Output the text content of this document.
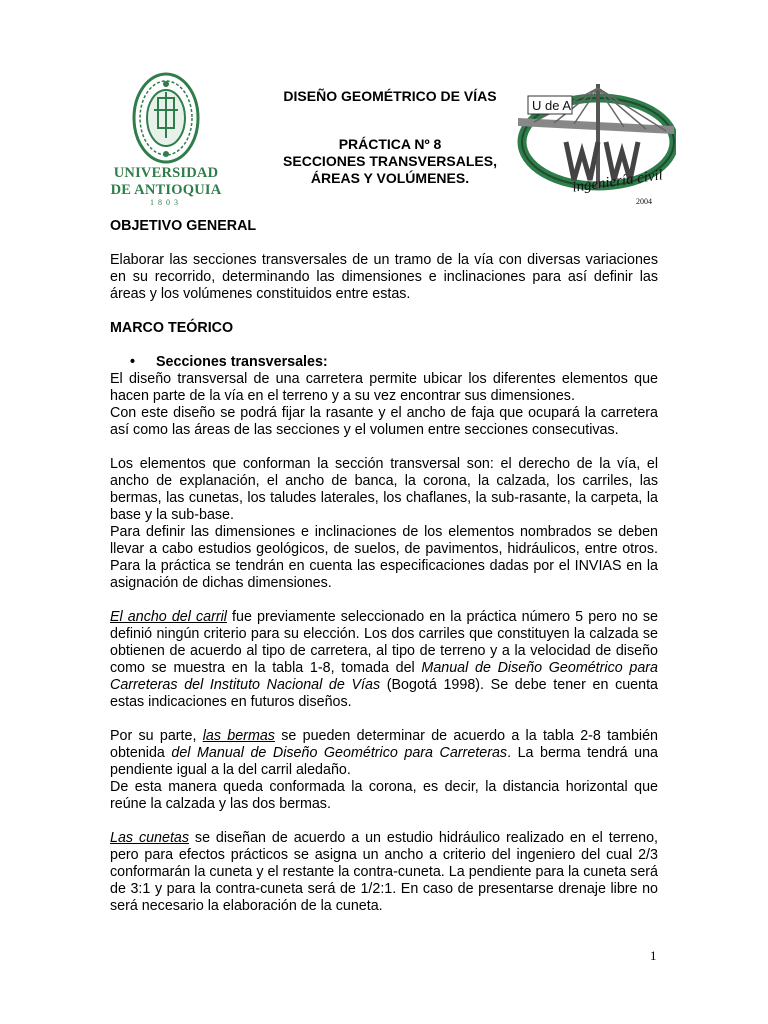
UNIVERSIDAD
DE ANTIOQUIA
1803
DISEÑO GEOMÉTRICO DE VÍAS
PRÁCTICA Nº 8
SECCIONES TRANSVERSALES,
ÁREAS Y VOLÚMENES.
U de A
ingeniería civil
2004

OBJETIVO GENERAL

Elaborar las secciones transversales de un tramo de la vía con diversas variaciones en su recorrido, determinando las dimensiones e inclinaciones para así definir las áreas y los volúmenes constituidos entre estas.

MARCO TEÓRICO

• Secciones transversales:

El diseño transversal de una carretera permite ubicar los diferentes elementos que hacen parte de la vía en el terreno y a su vez encontrar sus dimensiones.

Con este diseño se podrá fijar la rasante y el ancho de faja que ocupará la carretera así como las áreas de las secciones y el volumen entre secciones consecutivas.

Los elementos que conforman la sección transversal son: el derecho de la vía, el ancho de explanación, el ancho de banca, la corona, la calzada, los carriles, las bermas, las cunetas, los taludes laterales, los chaflanes, la sub-rasante, la carpeta, la base y la sub-base.

Para definir las dimensiones e inclinaciones de los elementos nombrados se deben llevar a cabo estudios geológicos, de suelos, de pavimentos, hidráulicos, entre otros. Para la práctica se tendrán en cuenta las especificaciones dadas por el INVIAS en la asignación de dichas dimensiones.

El ancho del carril fue previamente seleccionado en la práctica número 5 pero no se definió ningún criterio para su elección. Los dos carriles que constituyen la calzada se obtienen de acuerdo al tipo de carretera, al tipo de terreno y a la velocidad de diseño como se muestra en la tabla 1-8, tomada del Manual de Diseño Geométrico para Carreteras del Instituto Nacional de Vías (Bogotá 1998). Se debe tener en cuenta estas indicaciones en futuros diseños.

Por su parte, las bermas se pueden determinar de acuerdo a la tabla 2-8 también obtenida del Manual de Diseño Geométrico para Carreteras. La berma tendrá una pendiente igual a la del carril aledaño.

De esta manera queda conformada la corona, es decir, la distancia horizontal que reúne la calzada y las dos bermas.

Las cunetas se diseñan de acuerdo a un estudio hidráulico realizado en el terreno, pero para efectos prácticos se asigna un ancho a criterio del ingeniero del cual 2/3 conformarán la cuneta y el restante la contra-cuneta. La pendiente para la cuneta será de 3:1 y para la contra-cuneta será de 1/2:1. En caso de presentarse drenaje libre no será necesario la elaboración de la cuneta.

1
